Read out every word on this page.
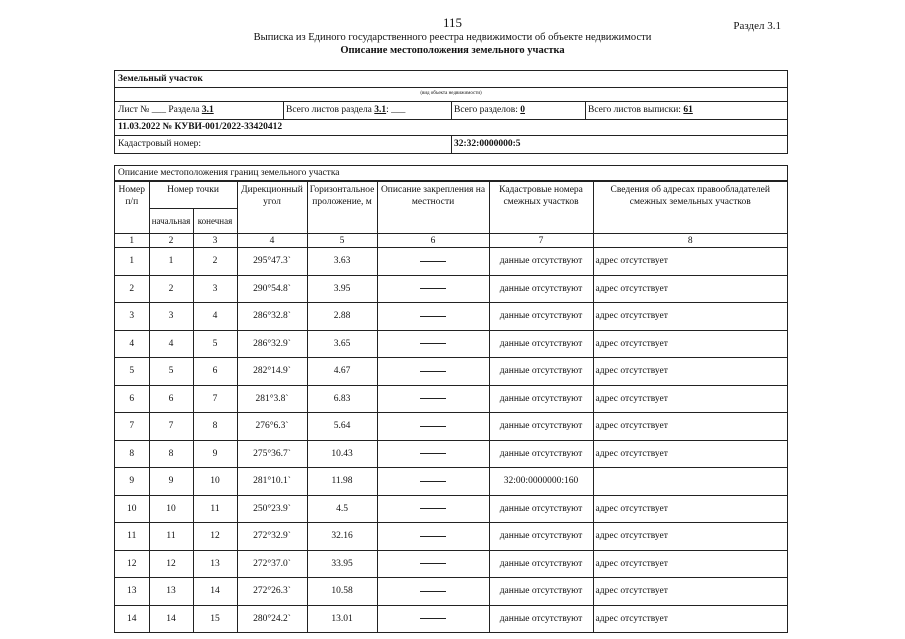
115	Раздел 3.1
Выписка из Единого государственного реестра недвижимости об объекте недвижимости
Описание местоположения земельного участка
Земельный участок
(вид объекта недвижимости)
Лист № ___ Раздела 3.1	Всего листов раздела 3.1: ___	Всего разделов: 0	Всего листов выписки: 61
11.03.2022 № КУВИ-001/2022-33420412
Кадастровый номер:	32:32:0000000:5
Описание местоположения границ земельного участка
Номер п/п	Номер точки		Дирекционный угол	Горизонтальное проложение, м	Описание закрепления на местности	Кадастровые номера смежных участков	Сведения об адресах правообладателей смежных земельных участков
	начальная	конечная					
1	2	3	4	5	6	7	8
1	1	2	295°47.3`	3.63		данные отсутствуют	адрес отсутствует
2	2	3	290°54.8`	3.95		данные отсутствуют	адрес отсутствует
3	3	4	286°32.8`	2.88		данные отсутствуют	адрес отсутствует
4	4	5	286°32.9`	3.65		данные отсутствуют	адрес отсутствует
5	5	6	282°14.9`	4.67		данные отсутствуют	адрес отсутствует
6	6	7	281°3.8`	6.83		данные отсутствуют	адрес отсутствует
7	7	8	276°6.3`	5.64		данные отсутствуют	адрес отсутствует
8	8	9	275°36.7`	10.43		данные отсутствуют	адрес отсутствует
9	9	10	281°10.1`	11.98		32:00:0000000:160	
10	10	11	250°23.9`	4.5		данные отсутствуют	адрес отсутствует
11	11	12	272°32.9`	32.16		данные отсутствуют	адрес отсутствует
12	12	13	272°37.0`	33.95		данные отсутствуют	адрес отсутствует
13	13	14	272°26.3`	10.58		данные отсутствуют	адрес отсутствует
14	14	15	280°24.2`	13.01		данные отсутствуют	адрес отсутствует
